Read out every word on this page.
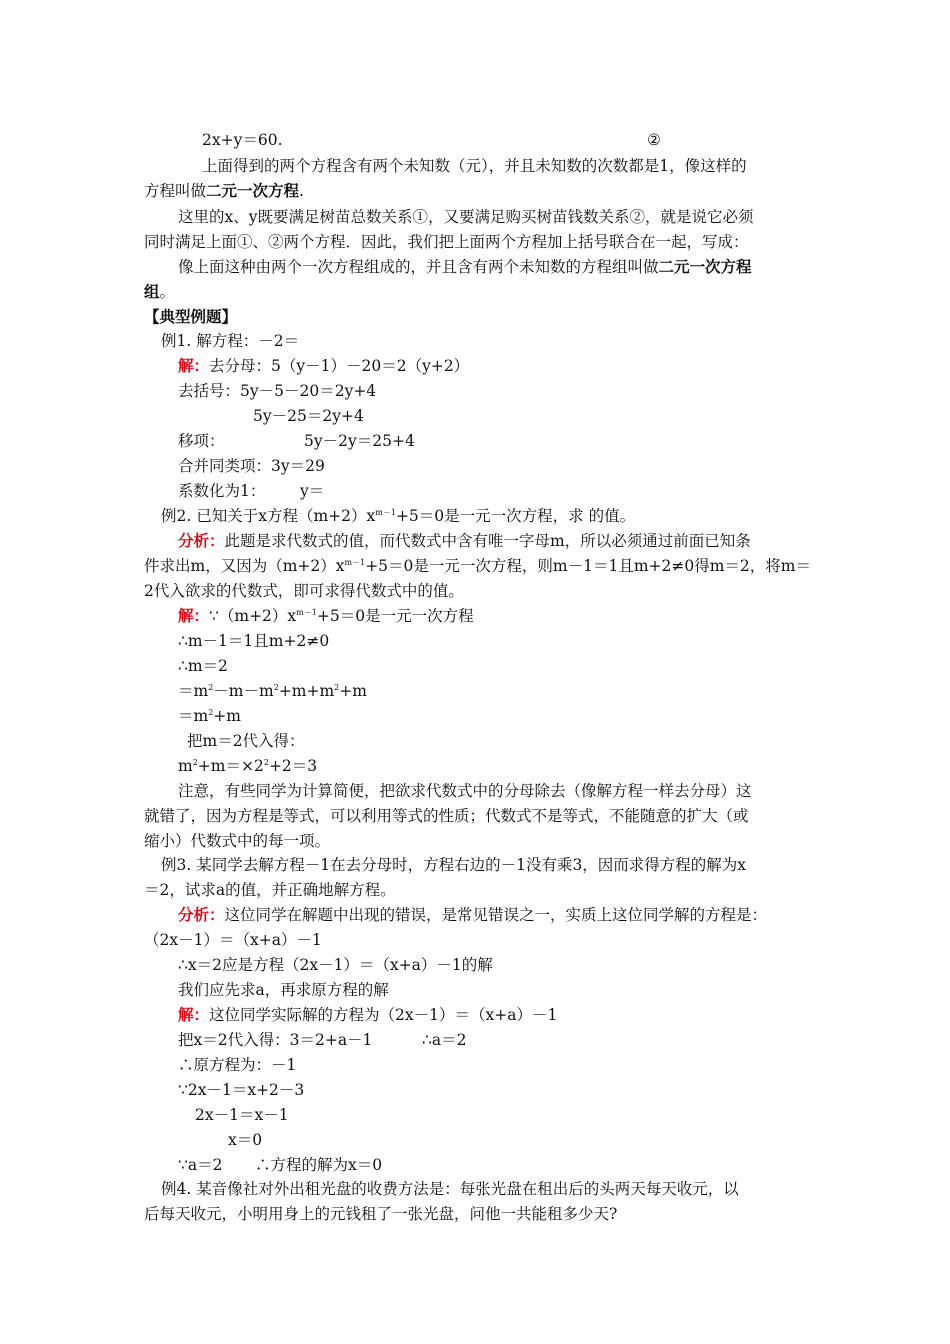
2x+y＝60.	②
上面得到的两个方程含有两个未知数（元），并且未知数的次数都是1，像这样的
方程叫做二元一次方程.
这里的x、y既要满足树苗总数关系①，又要满足购买树苗钱数关系②，就是说它必须
同时满足上面①、②两个方程．因此，我们把上面两个方程加上括号联合在一起，写成：
像上面这种由两个一次方程组成的，并且含有两个未知数的方程组叫做二元一次方程
组。
【典型例题】
例1. 解方程：－2＝
解：去分母：5（y－1）－20＝2（y+2）
去括号：5y－5－20＝2y+4
5y－25＝2y+4
移项：	5y－2y＝25+4
合并同类项：3y＝29
系数化为1： y＝
例2. 已知关于x方程$(m+2)x^{m-1}+5=0$是一元一次方程，求 的值。
分析：此题是求代数式的值，而代数式中含有唯一字母m，所以必须通过前面已知条
件求出m，又因为$(m+2)x^{m-1}+5=0$是一元一次方程，则m－1＝1且m+2≠0得m＝2，将m＝
2代入欲求的代数式，即可求得代数式中的值。
解：$\because(m+2)x^{m-1}+5=0$是一元一次方程
∴m－1＝1且m+2≠0
∴m＝2
$=m^2-m-m^2+m+m^2+m$
$=m^2+m$
把m＝2代入得：
$m^2+m=\times 2^2+2=3$
注意，有些同学为计算简便，把欲求代数式中的分母除去（像解方程一样去分母）这
就错了，因为方程是等式，可以利用等式的性质；代数式不是等式，不能随意的扩大（或
缩小）代数式中的每一项。
例3. 某同学去解方程－1在去分母时，方程右边的－1没有乘3，因而求得方程的解为x
＝2，试求a的值，并正确地解方程。
分析：这位同学在解题中出现的错误，是常见错误之一，实质上这位同学解的方程是：
（2x－1）＝（x+a）－1
∴x＝2应是方程（2x－1）＝（x+a）－1的解
我们应先求a，再求原方程的解
解：这位同学实际解的方程为（2x－1）＝（x+a）－1
把x＝2代入得：3＝2+a－1	∴a＝2
∴原方程为：－1
∵2x－1＝x+2－3
2x－1＝x－1
x＝0
∵a＝2 ∴方程的解为x＝0
例4. 某音像社对外出租光盘的收费方法是：每张光盘在租出后的头两天每天收元，以
后每天收元，小明用身上的元钱租了一张光盘，问他一共能租多少天?
